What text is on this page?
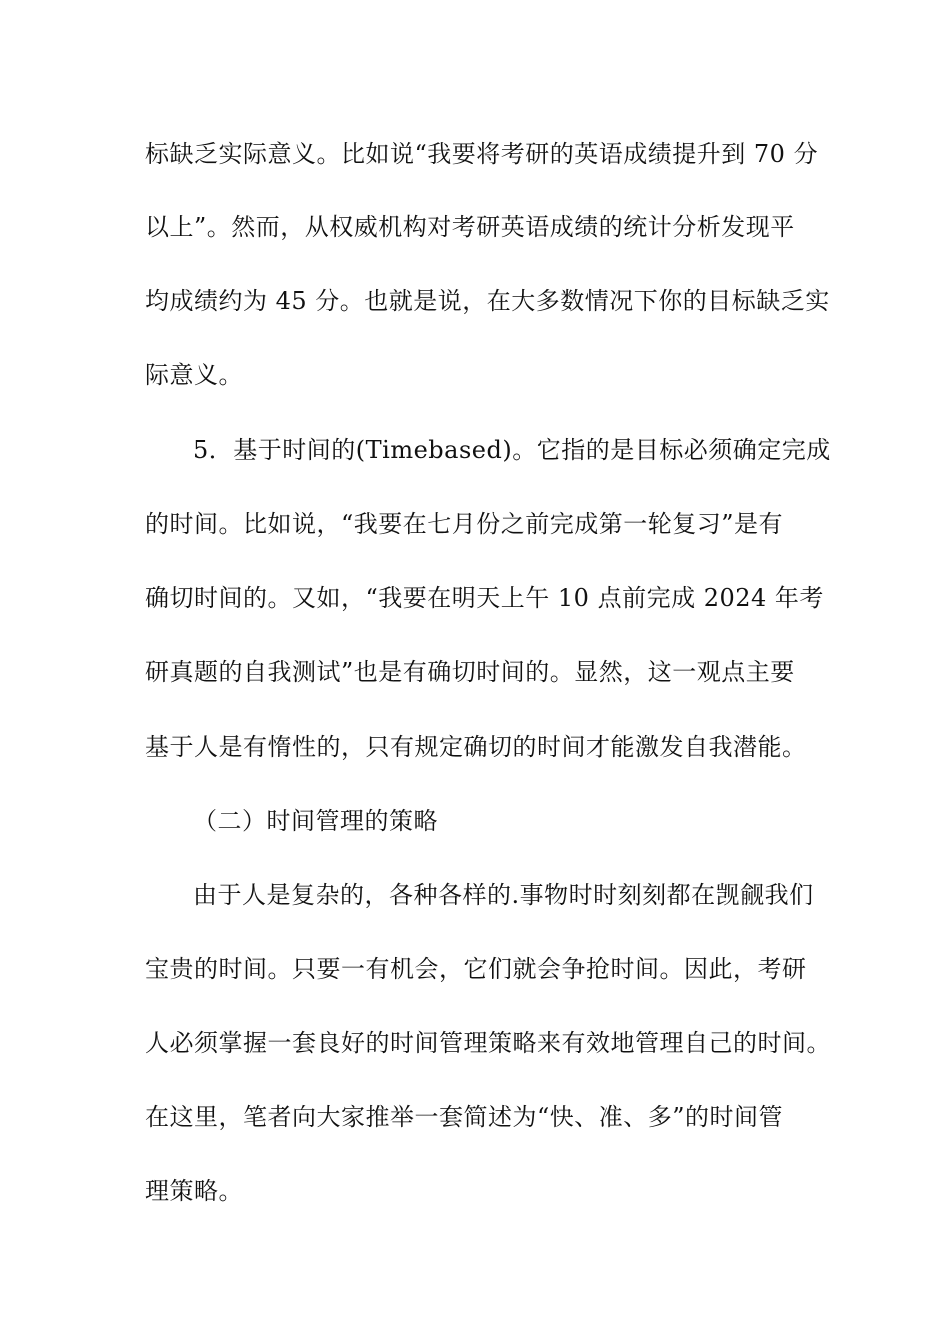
标缺乏实际意义。比如说“我要将考研的英语成绩提升到 70 分
以上”。然而，从权威机构对考研英语成绩的统计分析发现平
均成绩约为 45 分。也就是说，在大多数情况下你的目标缺乏实
际意义。
5．基于时间的(Timebased)。它指的是目标必须确定完成
的时间。比如说，“我要在七月份之前完成第一轮复习”是有
确切时间的。又如，“我要在明天上午 10 点前完成 2024 年考
研真题的自我测试”也是有确切时间的。显然，这一观点主要
基于人是有惰性的，只有规定确切的时间才能激发自我潜能。
（二）时间管理的策略
由于人是复杂的，各种各样的.事物时时刻刻都在觊觎我们
宝贵的时间。只要一有机会，它们就会争抢时间。因此，考研
人必须掌握一套良好的时间管理策略来有效地管理自己的时间。
在这里，笔者向大家推举一套简述为“快、准、多”的时间管
理策略。
